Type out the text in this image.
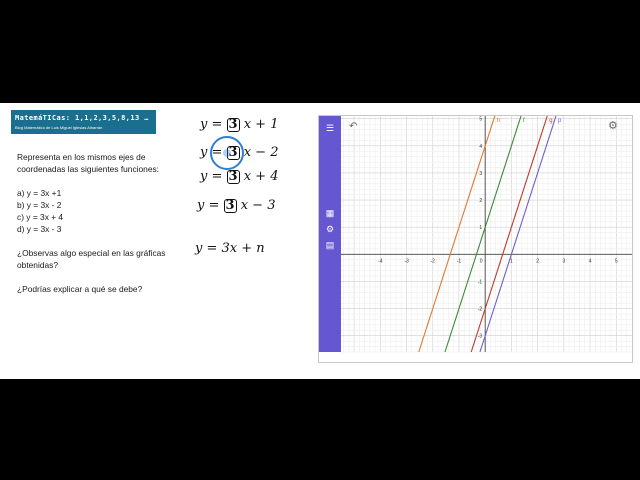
MatemáTICas: 1,1,2,3,5,8,13 …
Blog Matemático de Luis Miguel Iglesias Albarrán

Representa en los mismos ejes de coordenadas las siguientes funciones:

a) y = 3x +1

b) y = 3x - 2

c) y = 3x + 4

d) y = 3x - 3

¿Observas algo especial en las gráficas obtenidas?

¿Podrías explicar a qué se debe?

y = 3 x + 1
y = 3 x − 2
y = 3 x + 4
y = 3 x − 3
y = 3x + n
-4	-3	-2	-1	0	1	2	3	4	5
-3
-2
-1
1
2
3
4
5 h	f	g p
☰
▦
⚙
▤
↶	⚙
